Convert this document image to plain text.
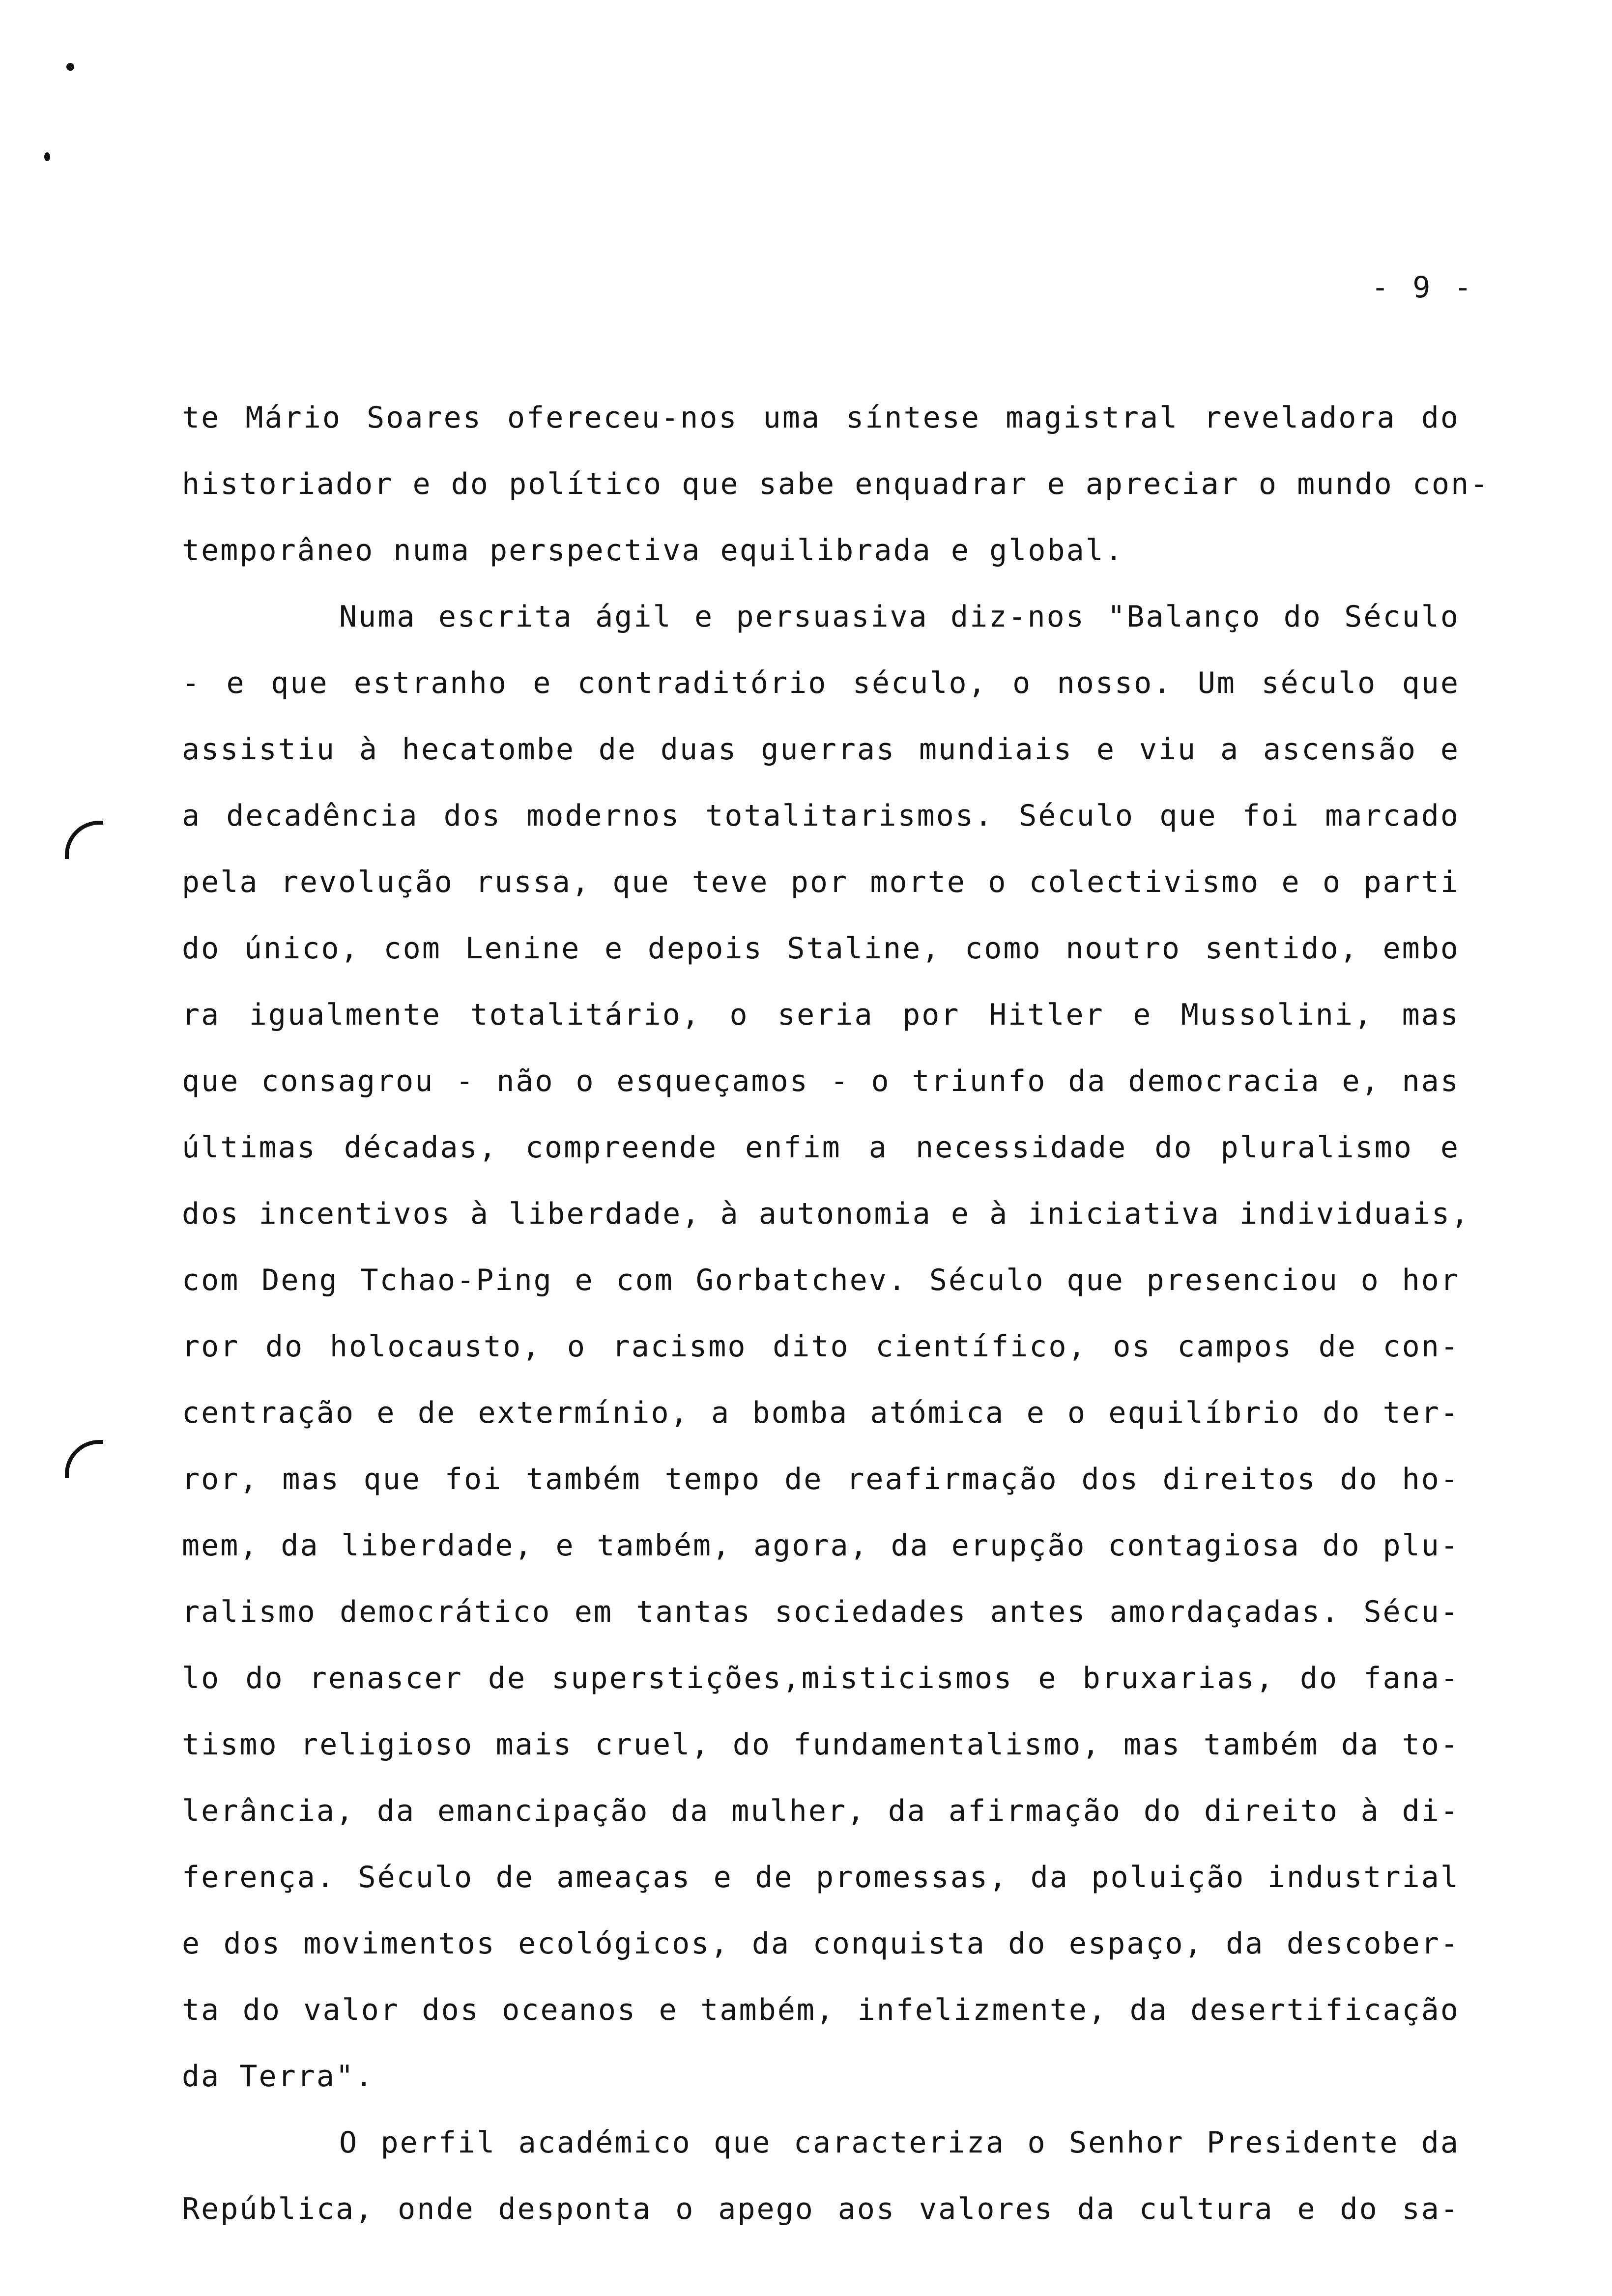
- 9 -
te Mário Soares ofereceu-nos uma síntese magistral reveladora do
historiador e do político que sabe enquadrar e apreciar o mundo con-
temporâneo numa perspectiva equilibrada e global.
Numa escrita ágil e persuasiva diz-nos "Balanço do Século
- e que estranho e contraditório século, o nosso. Um século que
assistiu à hecatombe de duas guerras mundiais e viu a ascensão e
a decadência dos modernos totalitarismos. Século que foi marcado
pela revolução russa, que teve por morte o colectivismo e o parti
do único, com Lenine e depois Staline, como noutro sentido, embo
ra igualmente totalitário, o seria por Hitler e Mussolini, mas
que consagrou - não o esqueçamos - o triunfo da democracia e, nas
últimas décadas, compreende enfim a necessidade do pluralismo e
dos incentivos à liberdade, à autonomia e à iniciativa individuais,
com Deng Tchao-Ping e com Gorbatchev. Século que presenciou o hor
ror do holocausto, o racismo dito científico, os campos de con-
centração e de extermínio, a bomba atómica e o equilíbrio do ter-
ror, mas que foi também tempo de reafirmação dos direitos do ho-
mem, da liberdade, e também, agora, da erupção contagiosa do plu-
ralismo democrático em tantas sociedades antes amordaçadas. Sécu-
lo do renascer de superstições,misticismos e bruxarias, do fana-
tismo religioso mais cruel, do fundamentalismo, mas também da to-
lerância, da emancipação da mulher, da afirmação do direito à di-
ferença. Século de ameaças e de promessas, da poluição industrial
e dos movimentos ecológicos, da conquista do espaço, da descober-
ta do valor dos oceanos e também, infelizmente, da desertificação
da Terra".
O perfil académico que caracteriza o Senhor Presidente da
República, onde desponta o apego aos valores da cultura e do sa-
